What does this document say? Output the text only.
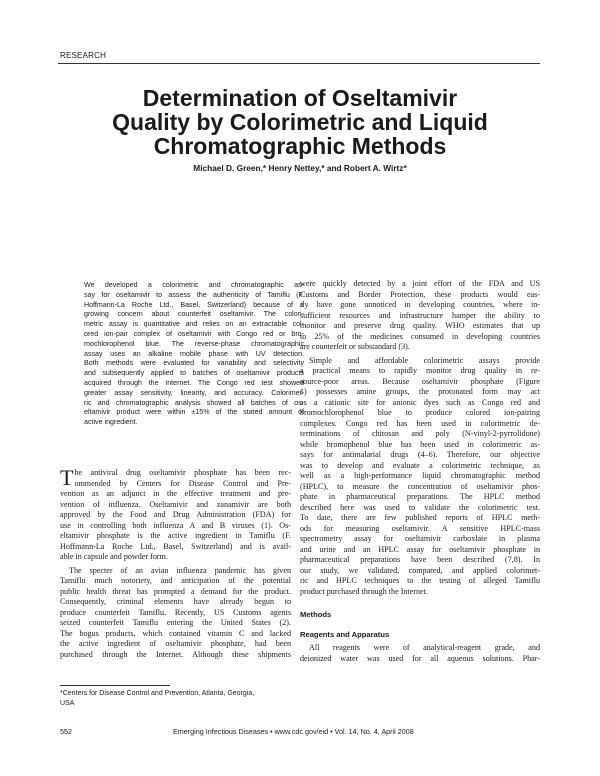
RESEARCH
Determination of Oseltamivir
Quality by Colorimetric and Liquid
Chromatographic Methods
Michael D. Green,* Henry Nettey,* and Robert A. Wirtz*
We developed a colorimetric and chromatographic as-
say for oseltamivir to assess the authenticity of Tamiflu (F.
Hoffmann-La Roche Ltd., Basel, Switzerland) because of a
growing concern about counterfeit oseltamivir. The colori-
metric assay is quantitative and relies on an extractable col-
ored ion-pair complex of oseltamivir with Congo red or bro-
mochlorophenol blue. The reverse-phase chromatographic
assay uses an alkaline mobile phase with UV detection.
Both methods were evaluated for variability and selectivity
and subsequently applied to batches of oseltamivir products
acquired through the Internet. The Congo red test showed
greater assay sensitivity, linearity, and accuracy. Colorimet-
ric and chromatographic analysis showed all batches of os-
eltamivir product were within ±15% of the stated amount of
active ingredient.
T he antiviral drug oseltamivir phosphate has been rec-
ommended by Centers for Disease Control and Pre-
vention as an adjunct in the effective treatment and pre-
vention of influenza. Oseltamivir and zanamivir are both
approved by the Food and Drug Administration (FDA) for
use in controlling both influenza A and B viruses (1). Os-
eltamivir phosphate is the active ingredient in Tamiflu (F.
Hoffmann-La Roche Ltd., Basel, Switzerland) and is avail-
able in capsule and powder form.
The specter of an avian influenza pandemic has given
Tamiflu much notoriety, and anticipation of the potential
public health threat has prompted a demand for the product.
Consequently, criminal elements have already begun to
produce counterfeit Tamiflu. Recently, US Customs agents
seized counterfeit Tamiflu entering the United States (2).
The bogus products, which contained vitamin C and lacked
the active ingredient of oseltamivir phosphate, had been
purchased through the Internet. Although these shipments
*Centers for Disease Control and Prevention, Atlanta, Georgia,
USA
were quickly detected by a joint effort of the FDA and US
Customs and Border Protection, these products would eas-
ily have gone unnoticed in developing countries, where in-
sufficient resources and infrastructure hamper the ability to
monitor and preserve drug quality. WHO estimates that up
to 25% of the medicines consumed in developing countries
are counterfeit or substandard (3).
Simple and affordable colorimetric assays provide
a practical means to rapidly monitor drug quality in re-
source-poor areas. Because oseltamivir phosphate (Figure
1) possesses amine groups, the protonated form may act
as a cationic site for anionic dyes such as Congo red and
bromochlorophenol blue to produce colored ion-pairing
complexes. Congo red has been used in colorimetric de-
terminations of chitosan and poly (N-vinyl-2-pyrrolidone)
while bromophenol blue has been used in colorimetric as-
says for antimalarial drugs (4–6). Therefore, our objective
was to develop and evaluate a colorimetric technique, as
well as a high-performance liquid chromatographic method
(HPLC), to measure the concentration of oseltamivir phos-
phate in pharmaceutical preparations. The HPLC method
described here was used to validate the colorimetric test.
To date, there are few published reports of HPLC meth-
ods for measuring oseltamivir. A sensitive HPLC-mass
spectrometry assay for oseltamivir carboxlate in plasma
and urine and an HPLC assay for oseltamivir phosphate in
pharmaceutical preparations have been described (7,8). In
our study, we validated, compared, and applied colorimet-
ric and HPLC techniques to the testing of alleged Tamiflu
product purchased through the Internet.
Methods
Reagents and Apparatus
All reagents were of analytical-reagent grade, and
deionized water was used for all aqueous solutions. Phar-
552	Emerging Infectious Diseases • www.cdc.gov/eid • Vol. 14, No. 4, April 2008
